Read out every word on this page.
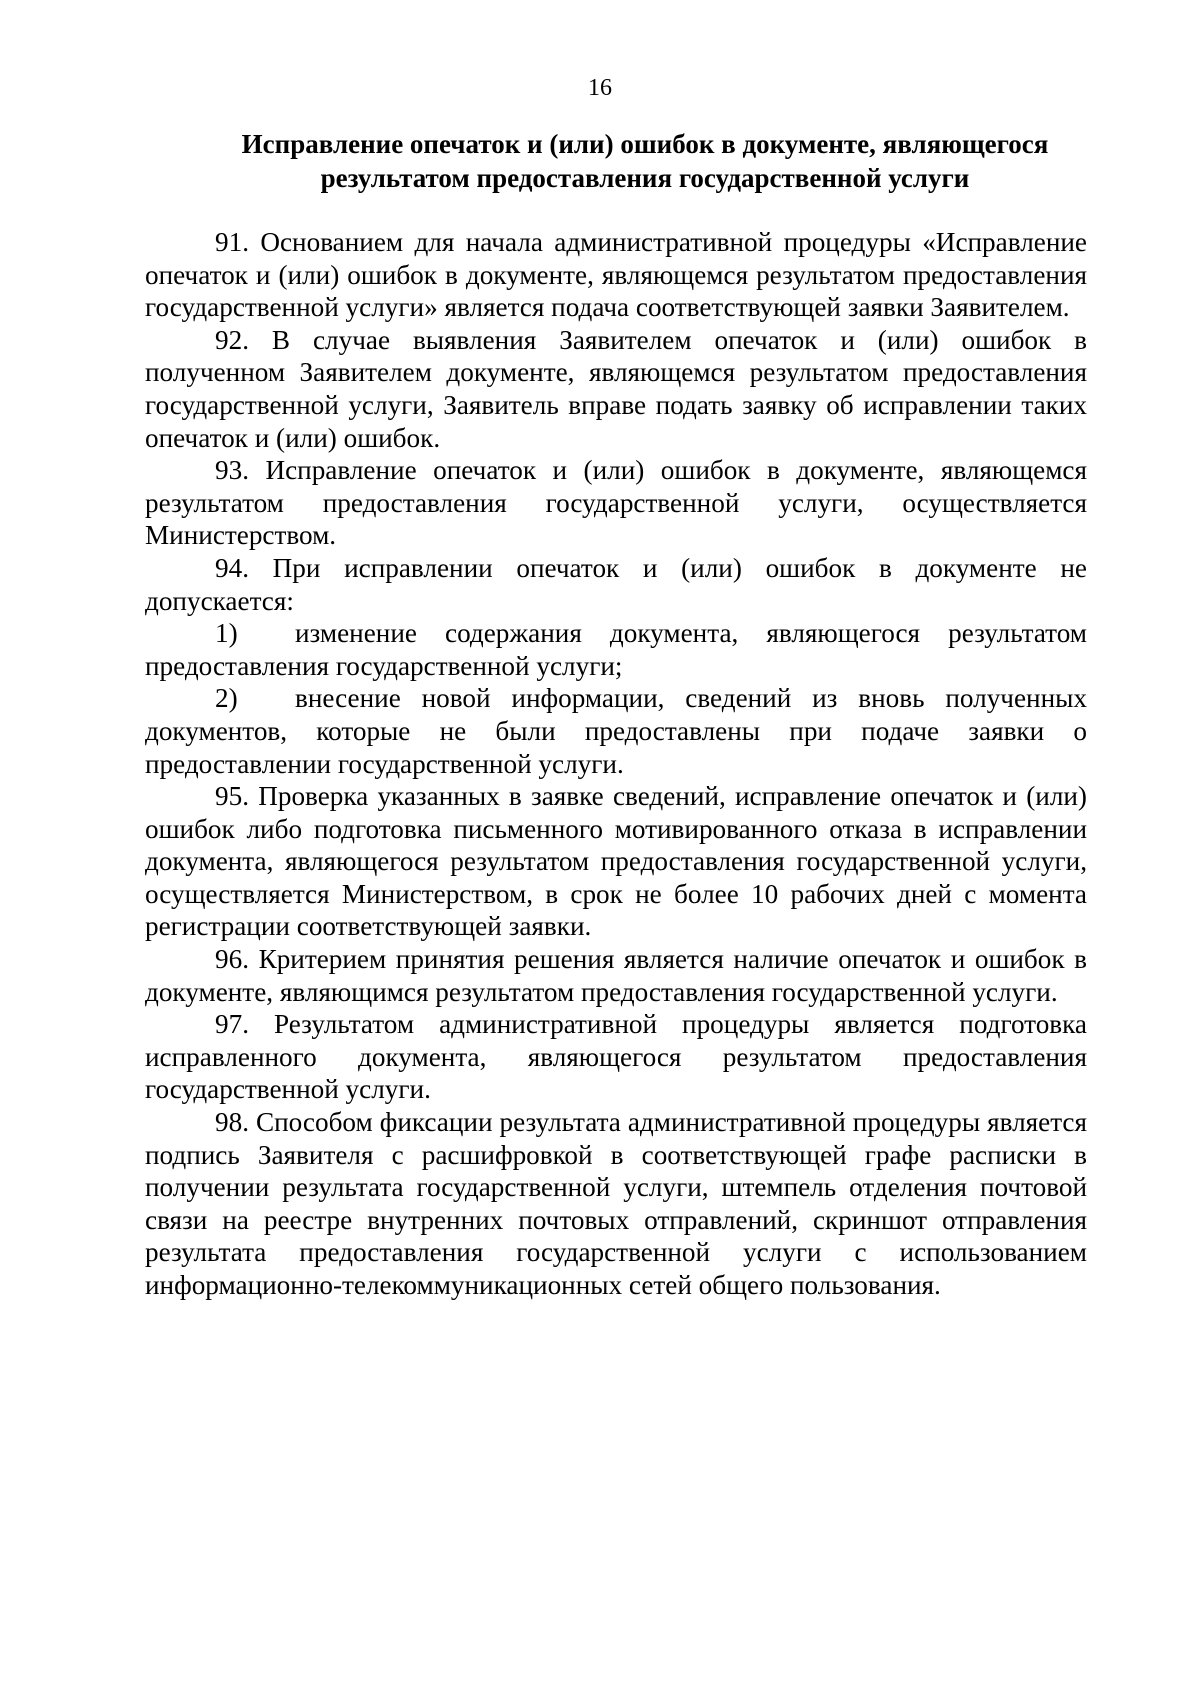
16
Исправление опечаток и (или) ошибок в документе, являющегося
результатом предоставления государственной услуги

91. Основанием для начала административной процедуры «Исправление опечаток и (или) ошибок в документе, являющемся результатом предоставления государственной услуги» является подача соответствующей заявки Заявителем.

92. В случае выявления Заявителем опечаток и (или) ошибок в полученном Заявителем документе, являющемся результатом предоставления государственной услуги, Заявитель вправе подать заявку об исправлении таких опечаток и (или) ошибок.

93. Исправление опечаток и (или) ошибок в документе, являющемся результатом предоставления государственной услуги, осуществляется Министерством.

94. При исправлении опечаток и (или) ошибок в документе не допускается:

1) изменение содержания документа, являющегося результатом предоставления государственной услуги;

2) внесение новой информации, сведений из вновь полученных документов, которые не были предоставлены при подаче заявки о предоставлении государственной услуги.

95. Проверка указанных в заявке сведений, исправление опечаток и (или) ошибок либо подготовка письменного мотивированного отказа в исправлении документа, являющегося результатом предоставления государственной услуги, осуществляется Министерством, в срок не более 10 рабочих дней с момента регистрации соответствующей заявки.

96. Критерием принятия решения является наличие опечаток и ошибок в документе, являющимся результатом предоставления государственной услуги.

97. Результатом административной процедуры является подготовка исправленного документа, являющегося результатом предоставления государственной услуги.

98. Способом фиксации результата административной процедуры является подпись Заявителя с расшифровкой в соответствующей графе расписки в получении результата государственной услуги, штемпель отделения почтовой связи на реестре внутренних почтовых отправлений, скриншот отправления результата предоставления государственной услуги с использованием информационно-телекоммуникационных сетей общего пользования.
